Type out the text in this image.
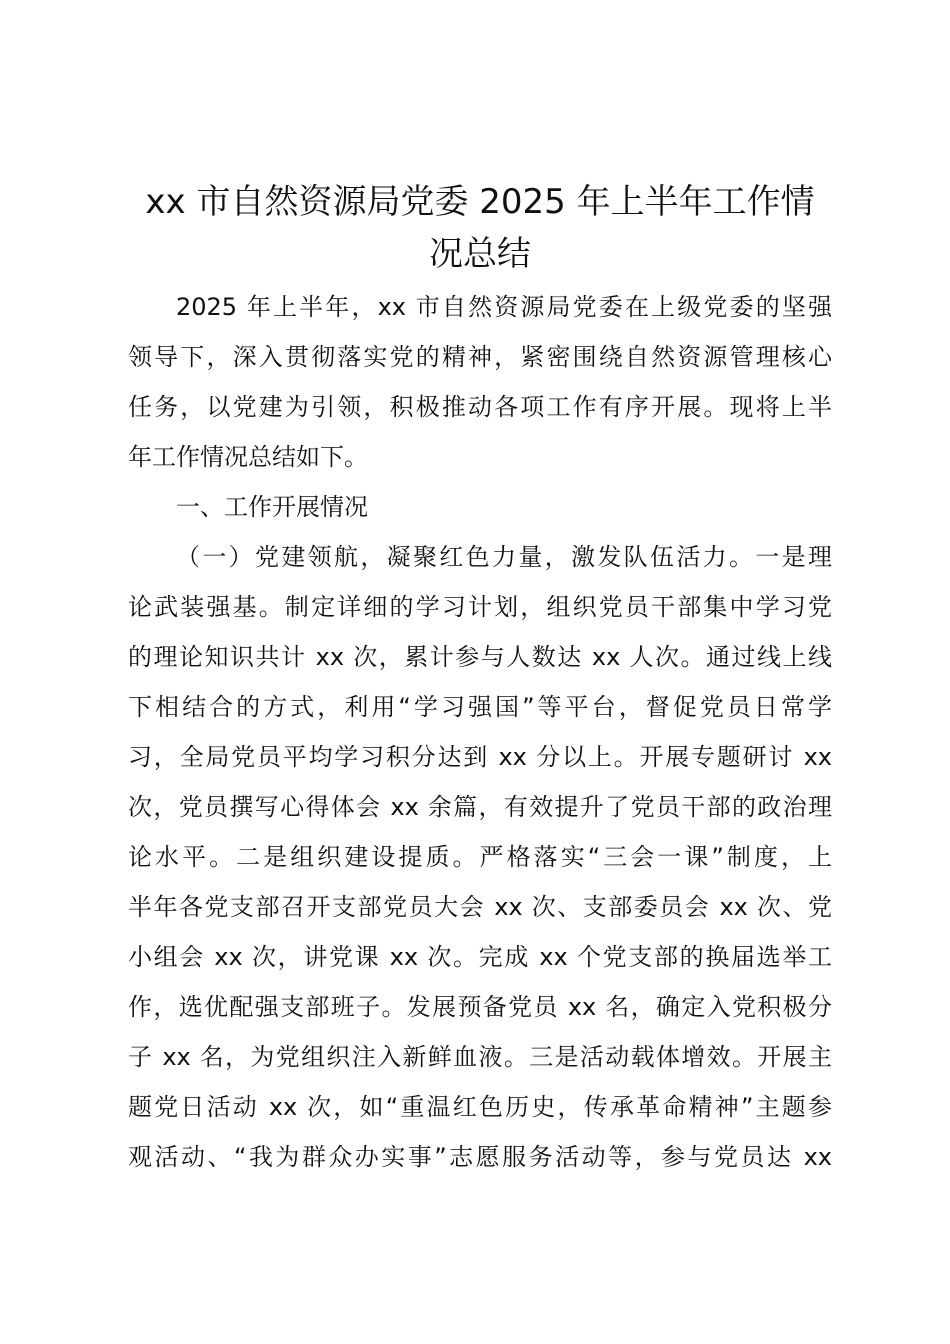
xx 市自然资源局党委 2025 年上半年工作情
况总结
2025 年上半年，xx 市自然资源局党委在上级党委的坚强
领导下，深入贯彻落实党的精神，紧密围绕自然资源管理核心
任务，以党建为引领，积极推动各项工作有序开展。现将上半
年工作情况总结如下。
一、工作开展情况
（一）党建领航，凝聚红色力量，激发队伍活力。一是理
论武装强基。制定详细的学习计划，组织党员干部集中学习党
的理论知识共计 xx 次，累计参与人数达 xx 人次。通过线上线
下相结合的方式，利用“学习强国”等平台，督促党员日常学
习，全局党员平均学习积分达到 xx 分以上。开展专题研讨 xx
次，党员撰写心得体会 xx 余篇，有效提升了党员干部的政治理
论水平。二是组织建设提质。严格落实“三会一课”制度，上
半年各党支部召开支部党员大会 xx 次、支部委员会 xx 次、党
小组会 xx 次，讲党课 xx 次。完成 xx 个党支部的换届选举工
作，选优配强支部班子。发展预备党员 xx 名，确定入党积极分
子 xx 名，为党组织注入新鲜血液。三是活动载体增效。开展主
题党日活动 xx 次，如“重温红色历史，传承革命精神”主题参
观活动、“我为群众办实事”志愿服务活动等，参与党员达 xx
